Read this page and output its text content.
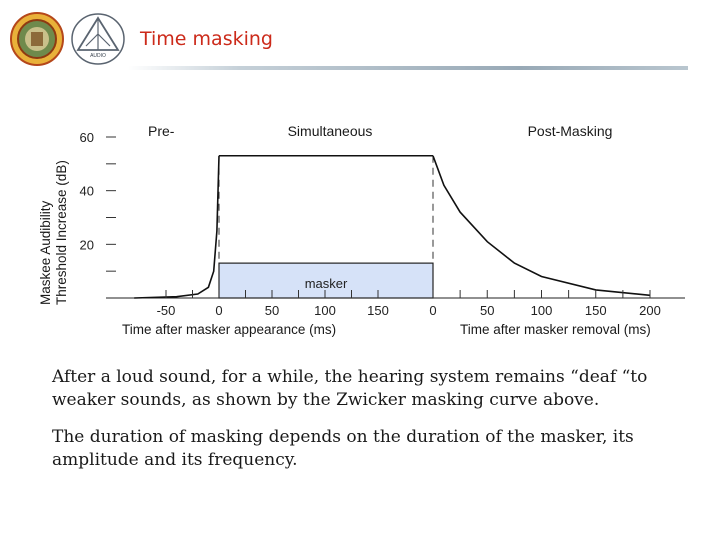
AUDIO
Time masking
Maskee Audibility Threshold Increase (dB)
Pre-	Simultaneous	Post-Masking
Time after masker appearance (ms)	Time after masker removal (ms)
20
40
60
masker
-50	0	50	100 150	0	50	100	150	200
After a loud sound, for a while, the hearing system remains “deaf “to weaker sounds, as shown by the Zwicker masking curve above.
The duration of masking depends on the duration of the masker, its amplitude and its frequency.
